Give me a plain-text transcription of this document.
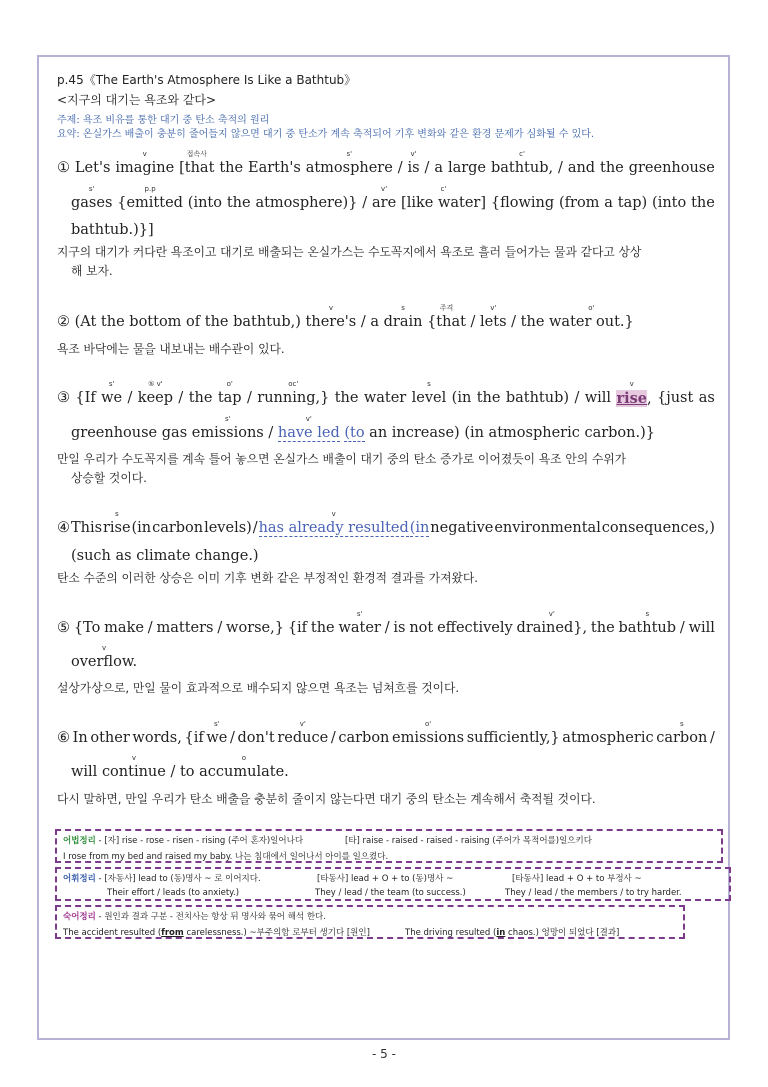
p.45《The Earth's Atmosphere Is Like a Bathtub》
<지구의 대기는 욕조와 같다>
주제: 욕조 비유를 통한 대기 중 탄소 축적의 원리
요약: 온실가스 배출이 충분히 줄어들지 않으면 대기 중 탄소가 계속 축적되어 기후 변화와 같은 환경 문제가 심화될 수 있다.
① Let's
v
imagine
접속사
[that the Earth's
s'
atmosphere /
v'
is / a large
c'
bathtub, / and the greenhouse
s'
gases
p.p
{emitted (into the atmosphere)} /
v'
are
c'
[like water] {flowing (from a tap) (into the
bathtub.)}]
지구의 대기가 커다란 욕조이고 대기로 배출되는 온실가스는 수도꼭지에서 욕조로 흘러 들어가는 물과 같다고 상상
해 보자.
② (At the bottom of the bathtub,)
v
there's / a
s
drain
주격
{that /
v'
lets / the
o'
water out.}
욕조 바닥에는 물을 내보내는 배수관이 있다.
③ {If
s'
we /
⑤ v'
keep / the
o'
tap /
oc'
running,} the water
s
level (in the bathtub) / will
v
rise, {just as
greenhouse gas
s'
emissions /
v'
have led (to an increase) (in atmospheric carbon.)}
만일 우리가 수도꼭지를 계속 틀어 놓으면 온실가스 배출이 대기 중의 탄소 증가로 이어졌듯이 욕조 안의 수위가
상승할 것이다.
④ This
s
rise (in carbon levels) /
v
has already resulted (in negative environmental consequences,)
(such as climate change.)
탄소 수준의 이러한 상승은 이미 기후 변화 같은 부정적인 환경적 결과를 가져왔다.
⑤ {To make / matters / worse,} {if the
s'
water / is not effectively
v'
drained}, the
s
bathtub / will
v
overflow.
설상가상으로, 만일 물이 효과적으로 배수되지 않으면 욕조는 넘쳐흐를 것이다.
⑥ In other words, {if
s'
we / don't
v'
reduce / carbon
o'
emissions sufficiently,} atmospheric
s
carbon /
will
v
continue / to
o
accumulate.
다시 말하면, 만일 우리가 탄소 배출을 충분히 줄이지 않는다면 대기 중의 탄소는 계속해서 축적될 것이다.
어법정리 - [자] rise - rose - risen - rising (주어 혼자)일어나다	[타] raise - raised - raised - raising (주어가 목적어를)일으키다
I rose from my bed and raised my baby. 나는 침대에서 일어나서 아이를 일으켰다.
어휘정리 - [자동사] lead to (동)명사 ~ 로 이어지다.	[타동사] lead + O + to (동)명사 ~	[타동사] lead + O + to 부정사 ~
Their effort / leads (to anxiety.)	They / lead / the team (to success.)	They / lead / the members / to try harder.
숙어정리 - 원인과 결과 구분 - 전치사는 항상 뒤 명사와 묶어 해석 한다.
The accident resulted (from carelessness.) ~부주의함 로부터 생기다 [원인]	The driving resulted (in chaos.) 엉망이 되었다 [결과]
- 5 -
